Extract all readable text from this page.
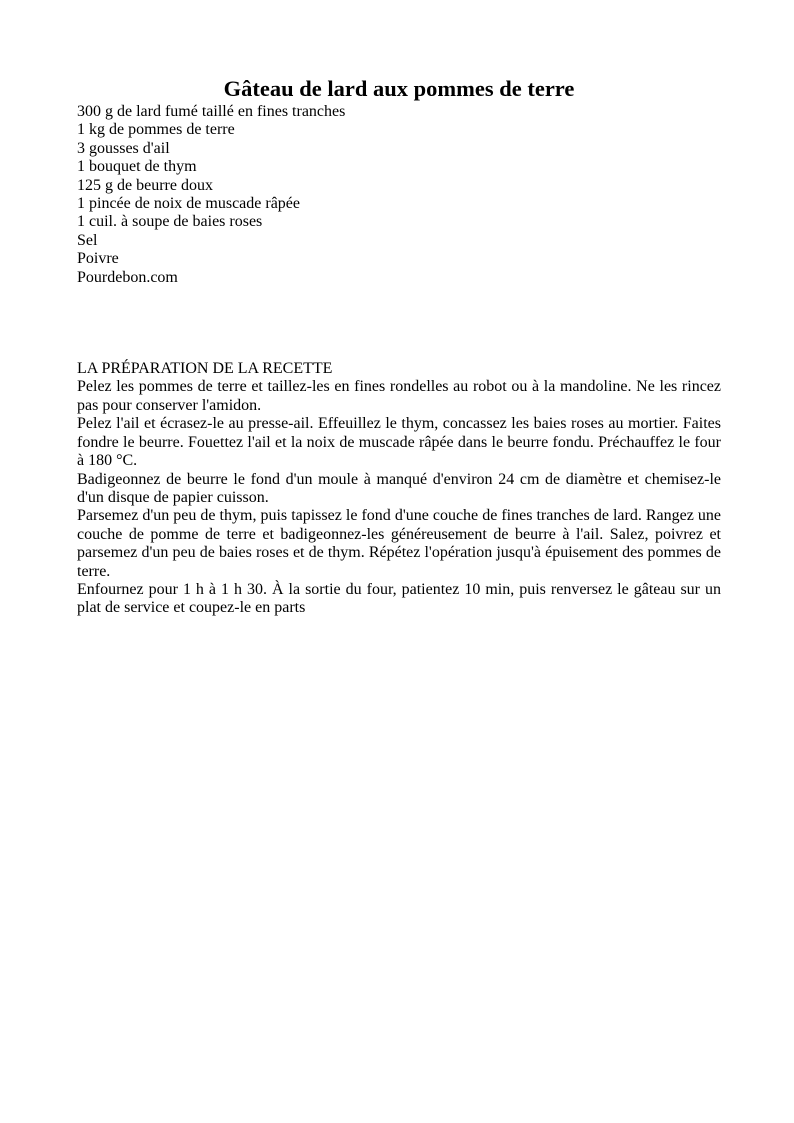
Gâteau de lard aux pommes de terre
300 g de lard fumé taillé en fines tranches
1 kg de pommes de terre
3 gousses d'ail
1 bouquet de thym
125 g de beurre doux
1 pincée de noix de muscade râpée
1 cuil. à soupe de baies roses
Sel
Poivre
Pourdebon.com
LA PRÉPARATION DE LA RECETTE

Pelez les pommes de terre et taillez-les en fines rondelles au robot ou à la mandoline. Ne les rincez pas pour conserver l'amidon.

Pelez l'ail et écrasez-le au presse-ail. Effeuillez le thym, concassez les baies roses au mortier. Faites fondre le beurre. Fouettez l'ail et la noix de muscade râpée dans le beurre fondu. Préchauffez le four à 180 °C.

Badigeonnez de beurre le fond d'un moule à manqué d'environ 24 cm de diamètre et chemisez-le d'un disque de papier cuisson.

Parsemez d'un peu de thym, puis tapissez le fond d'une couche de fines tranches de lard. Rangez une couche de pomme de terre et badigeonnez-les généreusement de beurre à l'ail. Salez, poivrez et parsemez d'un peu de baies roses et de thym. Répétez l'opération jusqu'à épuisement des pommes de terre.

Enfournez pour 1 h à 1 h 30. À la sortie du four, patientez 10 min, puis renversez le gâteau sur un plat de service et coupez-le en parts
